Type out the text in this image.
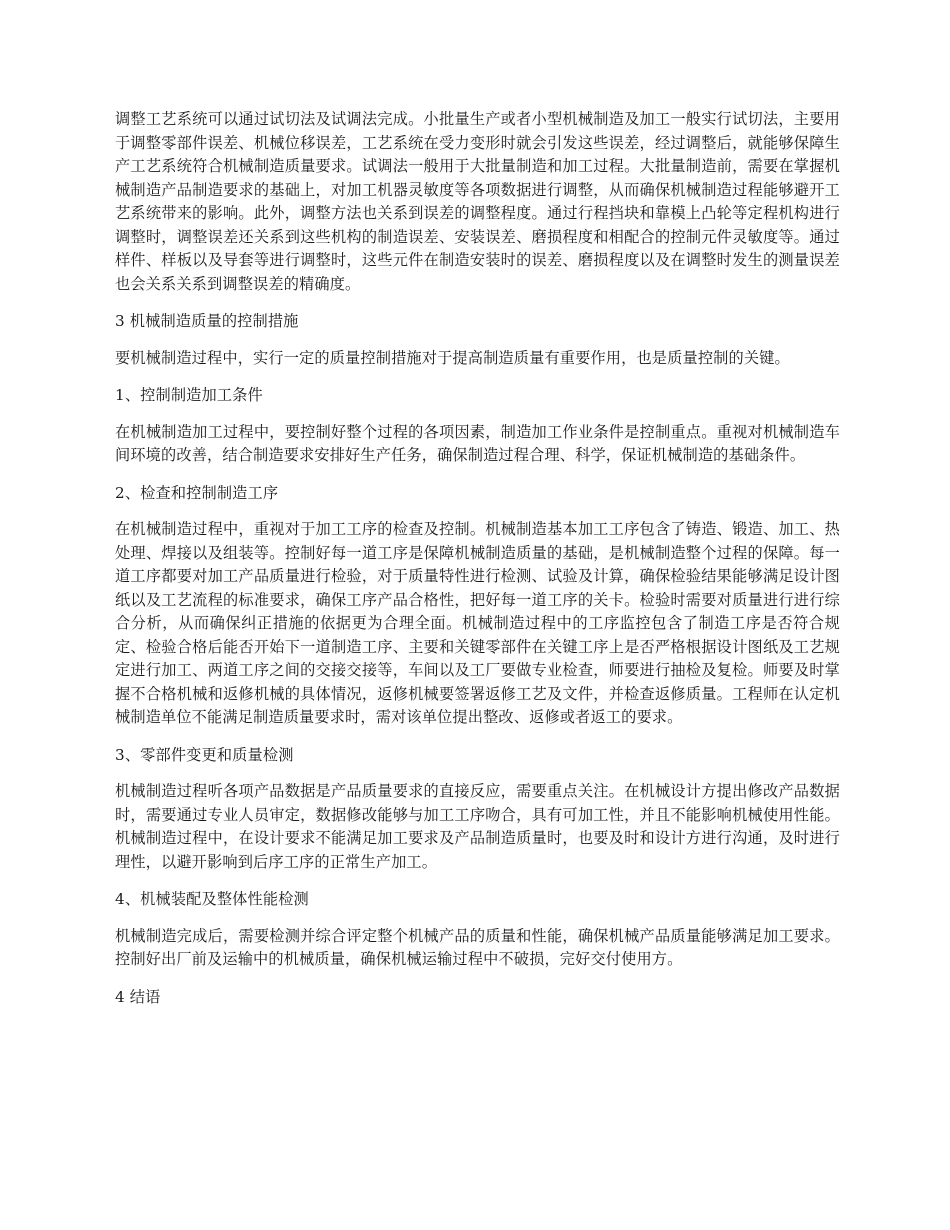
调整工艺系统可以通过试切法及试调法完成。小批量生产或者小型机械制造及加工一般实行试切法，主要用于调整零部件误差、机械位移误差，工艺系统在受力变形时就会引发这些误差，经过调整后，就能够保障生产工艺系统符合机械制造质量要求。试调法一般用于大批量制造和加工过程。大批量制造前，需要在掌握机械制造产品制造要求的基础上，对加工机器灵敏度等各项数据进行调整，从而确保机械制造过程能够避开工艺系统带来的影响。此外，调整方法也关系到误差的调整程度。通过行程挡块和靠模上凸轮等定程机构进行调整时，调整误差还关系到这些机构的制造误差、安装误差、磨损程度和相配合的控制元件灵敏度等。通过样件、样板以及导套等进行调整时，这些元件在制造安装时的误差、磨损程度以及在调整时发生的测量误差也会关系关系到调整误差的精确度。

3 机械制造质量的控制措施

要机械制造过程中，实行一定的质量控制措施对于提高制造质量有重要作用，也是质量控制的关键。

1、控制制造加工条件

在机械制造加工过程中，要控制好整个过程的各项因素，制造加工作业条件是控制重点。重视对机械制造车间环境的改善，结合制造要求安排好生产任务，确保制造过程合理、科学，保证机械制造的基础条件。

2、检查和控制制造工序

在机械制造过程中，重视对于加工工序的检查及控制。机械制造基本加工工序包含了铸造、锻造、加工、热处理、焊接以及组装等。控制好每一道工序是保障机械制造质量的基础，是机械制造整个过程的保障。每一道工序都要对加工产品质量进行检验，对于质量特性进行检测、试验及计算，确保检验结果能够满足设计图纸以及工艺流程的标准要求，确保工序产品合格性，把好每一道工序的关卡。检验时需要对质量进行进行综合分析，从而确保纠正措施的依据更为合理全面。机械制造过程中的工序监控包含了制造工序是否符合规定、检验合格后能否开始下一道制造工序、主要和关键零部件在关键工序上是否严格根据设计图纸及工艺规定进行加工、两道工序之间的交接交接等，车间以及工厂要做专业检查，师要进行抽检及复检。师要及时掌握不合格机械和返修机械的具体情况，返修机械要签署返修工艺及文件，并检查返修质量。工程师在认定机械制造单位不能满足制造质量要求时，需对该单位提出整改、返修或者返工的要求。

3、零部件变更和质量检测

机械制造过程听各项产品数据是产品质量要求的直接反应，需要重点关注。在机械设计方提出修改产品数据时，需要通过专业人员审定，数据修改能够与加工工序吻合，具有可加工性，并且不能影响机械使用性能。机械制造过程中，在设计要求不能满足加工要求及产品制造质量时，也要及时和设计方进行沟通，及时进行理性，以避开影响到后序工序的正常生产加工。

4、机械装配及整体性能检测

机械制造完成后，需要检测并综合评定整个机械产品的质量和性能，确保机械产品质量能够满足加工要求。控制好出厂前及运输中的机械质量，确保机械运输过程中不破损，完好交付使用方。

4 结语
